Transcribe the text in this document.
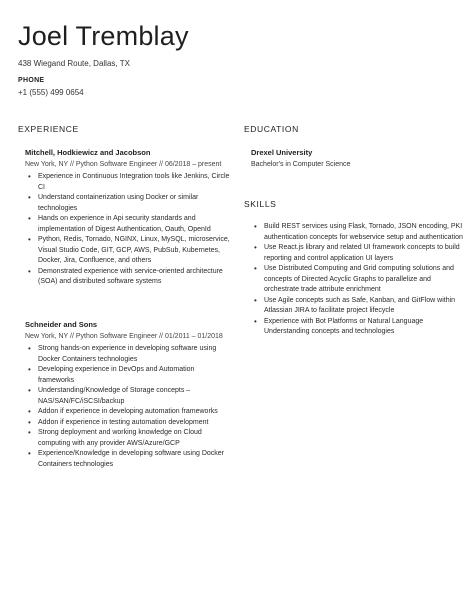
Joel Tremblay
438 Wiegand Route, Dallas, TX
PHONE
+1 (555) 499 0654
EXPERIENCE

Mitchell, Hodkiewicz and Jacobson

New York, NY // Python Software Engineer // 06/2018 – present

• Experience in Continuous Integration tools like Jenkins, Circle CI
• Understand containerization using Docker or similar technologies
• Hands on experience in Api security standards and implementation of Digest Authentication, Oauth, OpenId
• Python, Redis, Tornado, NGINX, Linux, MySQL, microservice, Visual Studio Code, GIT, GCP, AWS, PubSub, Kubernetes, Docker, Jira, Confluence, and others
• Demonstrated experience with service-oriented architecture (SOA) and distributed software systems

Schneider and Sons

New York, NY // Python Software Engineer // 01/2011 – 01/2018

• Strong hands-on experience in developing software using Docker Containers technologies
• Developing experience in DevOps and Automation frameworks
• Understanding/Knowledge of Storage concepts – NAS/SAN/FC/iSCSI/backup
• Addon if experience in developing automation frameworks
• Addon if experience in testing automation development
• Strong deployment and working knowledge on Cloud computing with any provider AWS/Azure/GCP
• Experience/Knowledge in developing software using Docker Containers technologies
EDUCATION
Drexel University
Bachelor's in Computer Science
SKILLS
• Build REST services using Flask, Tornado, JSON encoding, PKI authentication concepts for webservice setup and authentication
• Use React.js library and related UI framework concepts to build reporting and control application UI layers
• Use Distributed Computing and Grid computing solutions and concepts of Directed Acyclic Graphs to parallelize and orchestrate trade attribute enrichment
• Use Agile concepts such as Safe, Kanban, and GitFlow within Atlassian JIRA to facilitate project lifecycle
• Experience with Bot Platforms or Natural Language Understanding concepts and technologies
